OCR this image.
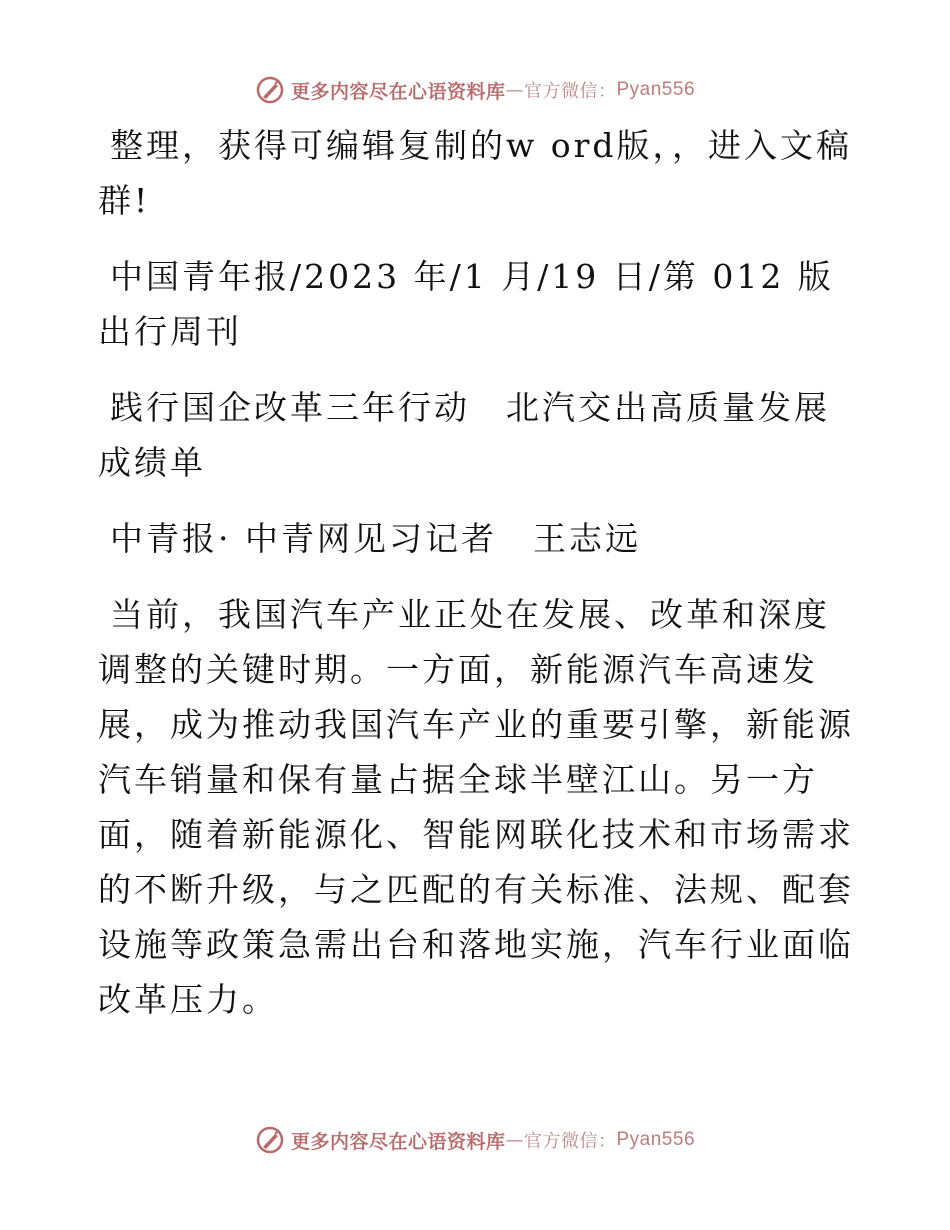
更多内容尽在心语资料库 — 官方微信： Pyan556

整理，获得可编辑复制的w ord版，，进入文稿群!

中国青年报/2023 年/1 月/19 日/第 012 版出行周刊

践行国企改革三年行动　北汽交出高质量发展成绩单

中青报· 中青网见习记者　王志远

当前，我国汽车产业正处在发展、改革和深度调整的关键时期。一方面，新能源汽车高速发展，成为推动我国汽车产业的重要引擎，新能源汽车销量和保有量占据全球半壁江山。另一方面，随着新能源化、智能网联化技术和市场需求的不断升级，与之匹配的有关标准、法规、配套设施等政策急需出台和落地实施，汽车行业面临改革压力。

更多内容尽在心语资料库 — 官方微信： Pyan556
